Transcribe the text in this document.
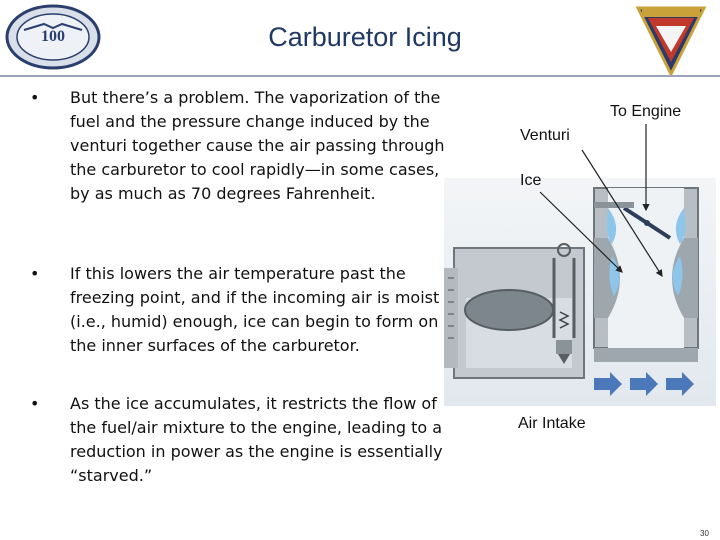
100	Carburetor Icing
• But there’s a problem. The vaporization of the fuel and the pressure change induced by the venturi together cause the air passing through the carburetor to cool rapidly—in some cases, by as much as 70 degrees Fahrenheit.
• If this lowers the air temperature past the freezing point, and if the incoming air is moist (i.e., humid) enough, ice can begin to form on the inner surfaces of the carburetor.
• As the ice accumulates, it restricts the flow of the fuel/air mixture to the engine, leading to a reduction in power as the engine is essentially “starved.”
To Engine
Venturi
Ice
Air Intake
30
